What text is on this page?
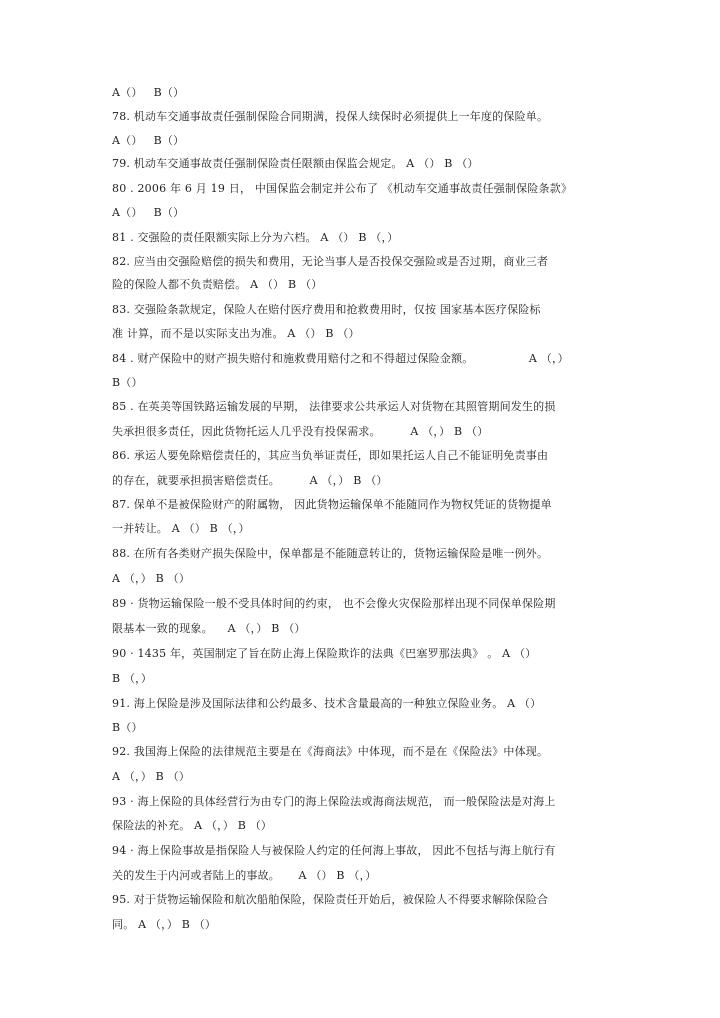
A（）   B（）
78. 机动车交通事故责任强制保险合同期满，投保人续保时必须提供上一年度的保险单。
A（）   B（）
79. 机动车交通事故责任强制保险责任限额由保监会规定。 A （） B （）
80 . 2006 年 6 月 19 日， 中国保监会制定并公布了 《机动车交通事故责任强制保险条款》
A（）   B（）
81 . 交强险的责任限额实际上分为六档。 A （） B （，）
82. 应当由交强险赔偿的损失和费用，无论当事人是否投保交强险或是否过期，商业三者
险的保险人都不负责赔偿。 A （） B （）
83. 交强险条款规定，保险人在赔付医疗费用和抢救费用时，仅按 国家基本医疗保险标
准 计算，而不是以实际支出为准。 A （） B （）
84 . 财产保险中的财产损失赔付和施救费用赔付之和不得超过保险金额。               A （，）
B（）
85 . 在英美等国铁路运输发展的早期， 法律要求公共承运人对货物在其照管期间发生的损
失承担很多责任，因此货物托运人几乎没有投保需求。        A （，） B （）
86. 承运人要免除赔偿责任的，其应当负举证责任，即如果托运人自己不能证明免责事由
的存在，就要承担损害赔偿责任。        A （，） B （）
87. 保单不是被保险财产的附属物， 因此货物运输保单不能随同作为物权凭证的货物提单
一并转让。 A （） B （，）
88. 在所有各类财产损失保险中，保单都是不能随意转让的，货物运输保险是唯一例外。
A （，） B （）
89 · 货物运输保险一般不受具体时间的约束， 也不会像火灾保险那样出现不同保单保险期
限基本一致的现象。    A （，） B （）
90 · 1435 年，英国制定了旨在防止海上保险欺诈的法典《巴塞罗那法典》 。 A （）
B （，）
91. 海上保险是涉及国际法律和公约最多、技术含量最高的一种独立保险业务。 A （）
B（）
92. 我国海上保险的法律规范主要是在《海商法》中体现，而不是在《保险法》中体现。
A （，） B （）
93 · 海上保险的具体经营行为由专门的海上保险法或海商法规范， 而一般保险法是对海上
保险法的补充。 A （，） B （）
94 · 海上保险事故是指保险人与被保险人约定的任何海上事故， 因此不包括与海上航行有
关的发生于内河或者陆上的事故。     A （） B （，）
95. 对于货物运输保险和航次船舶保险，保险责任开始后，被保险人不得要求解除保险合
同。 A （，） B （）
